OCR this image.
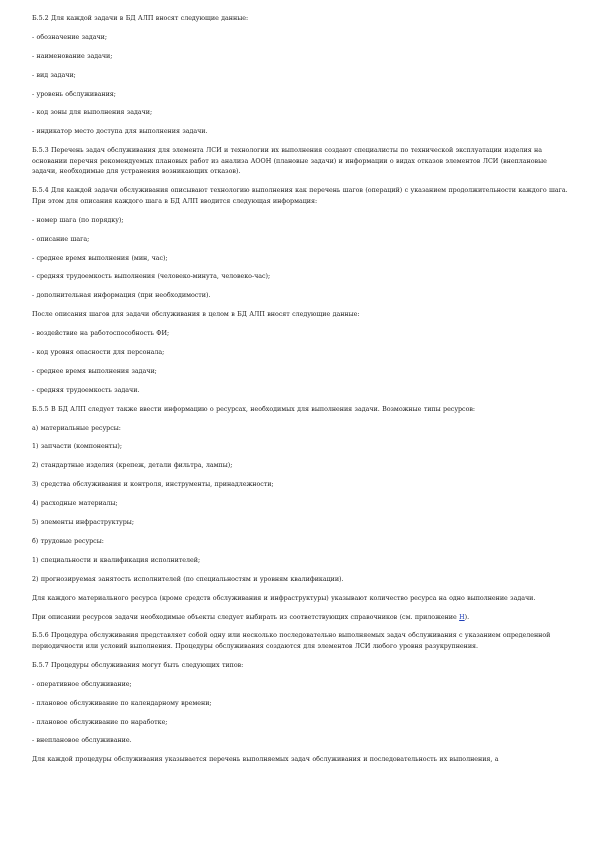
Б.5.2 Для каждой задачи в БД АЛП вносят следующие данные:

- обозначение задачи;

- наименование задачи;

- вид задачи;

- уровень обслуживания;

- код зоны для выполнения задачи;

- индикатор место доступа для выполнения задачи.

Б.5.3 Перечень задач обслуживания для элемента ЛСИ и технологии их выполнения создают специалисты по технической эксплуатации изделия на основании перечня рекомендуемых плановых работ из анализа АООН (плановые задачи) и информации о видах отказов элементов ЛСИ (внеплановые задачи, необходимые для устранения возникающих отказов).

Б.5.4 Для каждой задачи обслуживания описывают технологию выполнения как перечень шагов (операций) с указанием продолжительности каждого шага. При этом для описания каждого шага в БД АЛП вводится следующая информация:

- номер шага (по порядку);

- описание шага;

- среднее время выполнения (мин, час);

- средняя трудоемкость выполнения (человеко-минута, человеко-час);

- дополнительная информация (при необходимости).

После описания шагов для задачи обслуживания в целом в БД АЛП вносят следующие данные:

- воздействие на работоспособность ФИ;

- код уровня опасности для персонала;

- среднее время выполнения задачи;

- средняя трудоемкость задачи.

Б.5.5 В БД АЛП следует также ввести информацию о ресурсах, необходимых для выполнения задачи. Возможные типы ресурсов:

а) материальные ресурсы:

1) запчасти (компоненты);

2) стандартные изделия (крепеж, детали фильтра, лампы);

3) средства обслуживания и контроля, инструменты, принадлежности;

4) расходные материалы;

5) элементы инфраструктуры;

б) трудовые ресурсы:

1) специальности и квалификация исполнителей;

2) прогнозируемая занятость исполнителей (по специальностям и уровням квалификации).

Для каждого материального ресурса (кроме средств обслуживания и инфраструктуры) указывают количество ресурса на одно выполнение задачи.

При описании ресурсов задачи необходимые объекты следует выбирать из соответствующих справочников (см. приложение Н).

Б.5.6 Процедура обслуживания представляет собой одну или несколько последовательно выполняемых задач обслуживания с указанием определенной периодичности или условий выполнения. Процедуры обслуживания создаются для элементов ЛСИ любого уровня разукрупнения.

Б.5.7 Процедуры обслуживания могут быть следующих типов:

- оперативное обслуживание;

- плановое обслуживание по календарному времени;

- плановое обслуживание по наработке;

- внеплановое обслуживание.

Для каждой процедуры обслуживания указывается перечень выполняемых задач обслуживания и последовательность их выполнения, а
